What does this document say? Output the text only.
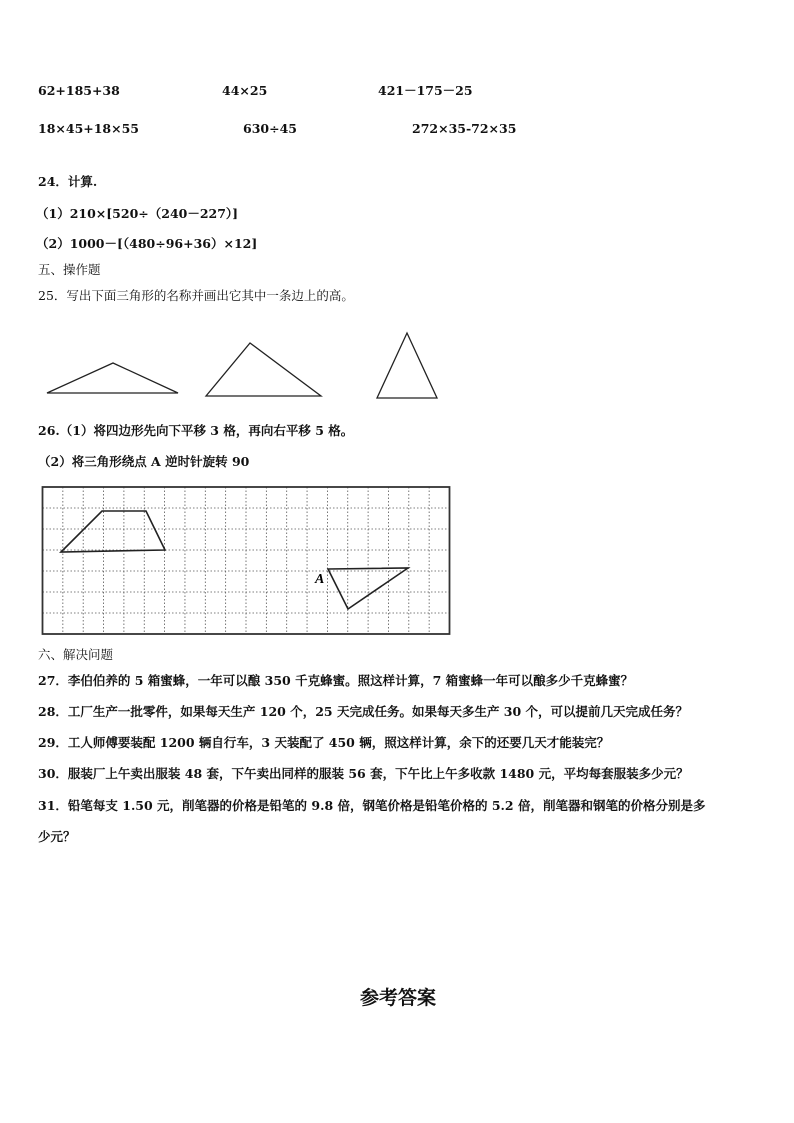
62+185+38	44×25	421－175－25
18×45+18×55	630÷45	272×35-72×35
24．计算.
（1）210×[520÷（240－227）]
（2）1000－[（480÷96+36）×12]
五、操作题
25．写出下面三角形的名称并画出它其中一条边上的高。
26.（1）将四边形先向下平移 3 格，再向右平移 5 格。
（2）将三角形绕点 A 逆时针旋转 90
A
六、解决问题
27．李伯伯养的 5 箱蜜蜂，一年可以酿 350 千克蜂蜜。照这样计算，7 箱蜜蜂一年可以酿多少千克蜂蜜？
28．工厂生产一批零件，如果每天生产 120 个，25 天完成任务。如果每天多生产 30 个，可以提前几天完成任务？
29．工人师傅要装配 1200 辆自行车，3 天装配了 450 辆，照这样计算，余下的还要几天才能装完？
30．服装厂上午卖出服装 48 套，下午卖出同样的服装 56 套，下午比上午多收款 1480 元，平均每套服装多少元？
31．铅笔每支 1.50 元，削笔器的价格是铅笔的 9.8 倍，钢笔价格是铅笔价格的 5.2 倍，削笔器和钢笔的价格分别是多
少元？
参考答案
